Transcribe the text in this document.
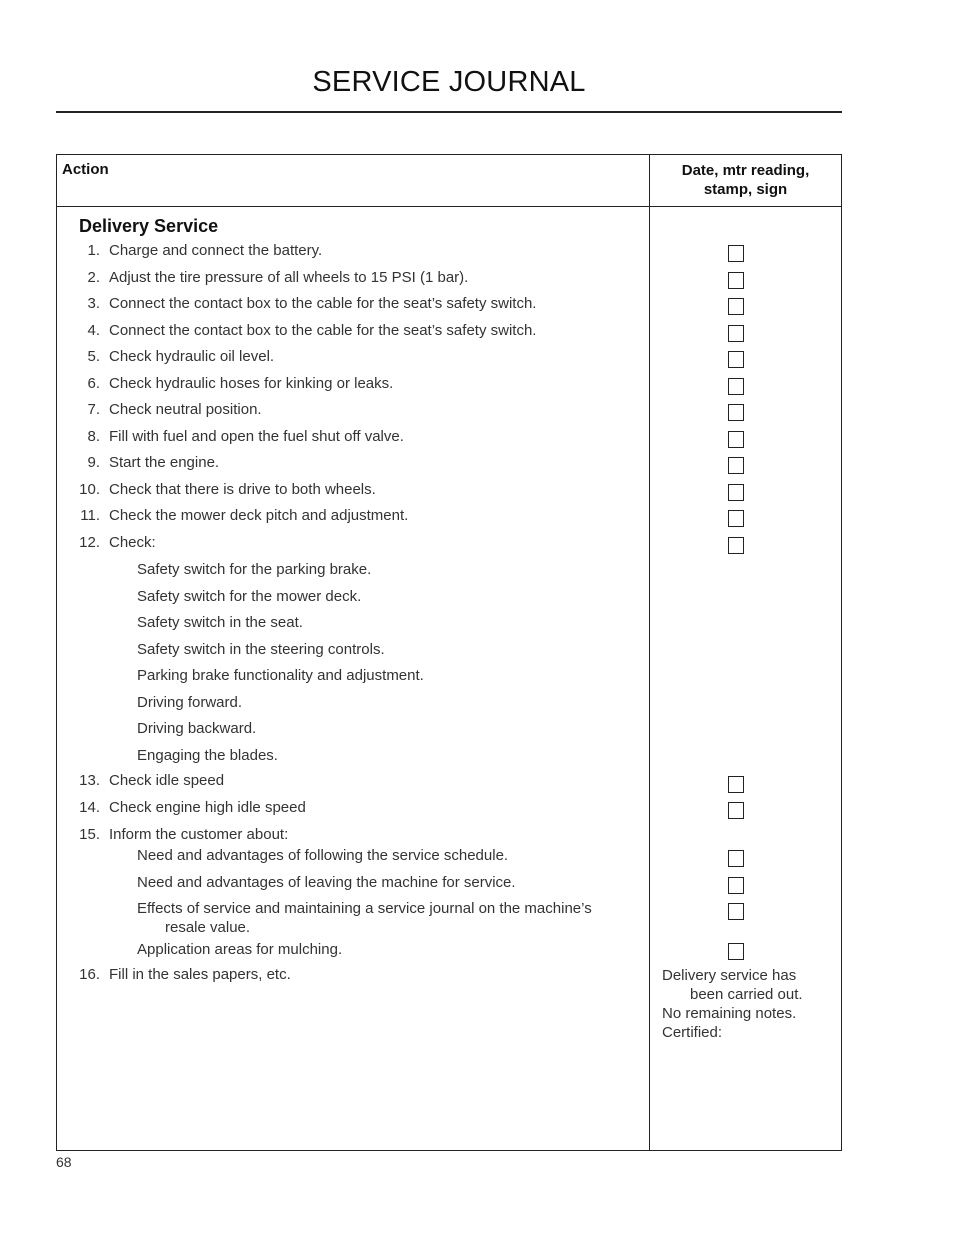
SERVICE JOURNAL
Action	Date, mtr reading,
stamp, sign
Delivery Service
1. Charge and connect the battery.
2. Adjust the tire pressure of all wheels to 15 PSI (1 bar).
3. Connect the contact box to the cable for the seat’s safety switch.
4. Connect the contact box to the cable for the seat’s safety switch.
5. Check hydraulic oil level.
6. Check hydraulic hoses for kinking or leaks.
7. Check neutral position.
8. Fill with fuel and open the fuel shut off valve.
9. Start the engine.
10. Check that there is drive to both wheels.
11. Check the mower deck pitch and adjustment.
12. Check:
Safety switch for the parking brake.
Safety switch for the mower deck.
Safety switch in the seat.
Safety switch in the steering controls.
Parking brake functionality and adjustment.
Driving forward.
Driving backward.
Engaging the blades.
13. Check idle speed
14. Check engine high idle speed
15. Inform the customer about:
Need and advantages of following the service schedule.
Need and advantages of leaving the machine for service.
Effects of service and maintaining a service journal on the machine’s
resale value.
Application areas for mulching.
16. Fill in the sales papers, etc.	Delivery service has
been carried out.
No remaining notes.
Certified:
68
